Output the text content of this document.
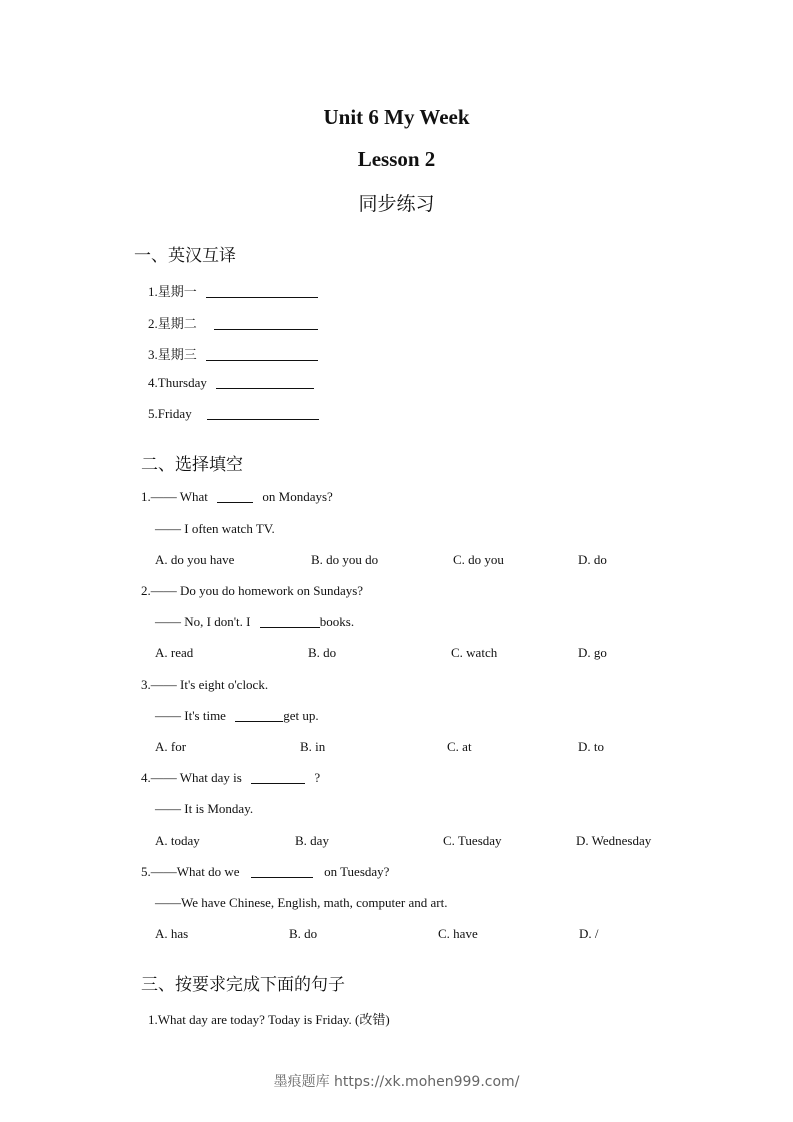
Unit 6 My Week
Lesson 2
同步练习
一、英汉互译
1.星期一
2.星期二
3.星期三
4.Thursday
5.Friday
二、选择填空
1.—— What	on Mondays?
—— I often watch TV.
A. do you have	B. do you do	C. do you	D. do
2.—— Do you do homework on Sundays?
—— No, I don't. I	books.
A. read	B. do	C. watch	D. go
3.—— It's eight o'clock.
—— It's time	get up.
A. for	B. in	C. at	D. to
4.—— What day is	?
—— It is Monday.
A. today	B. day	C. Tuesday	D. Wednesday
5.——What do we	on Tuesday?
——We have Chinese, English, math, computer and art.
A. has	B. do	C. have	D. /
三、按要求完成下面的句子
1.What day are today? Today is Friday. (改错)
墨痕题库 https://xk.mohen999.com/
